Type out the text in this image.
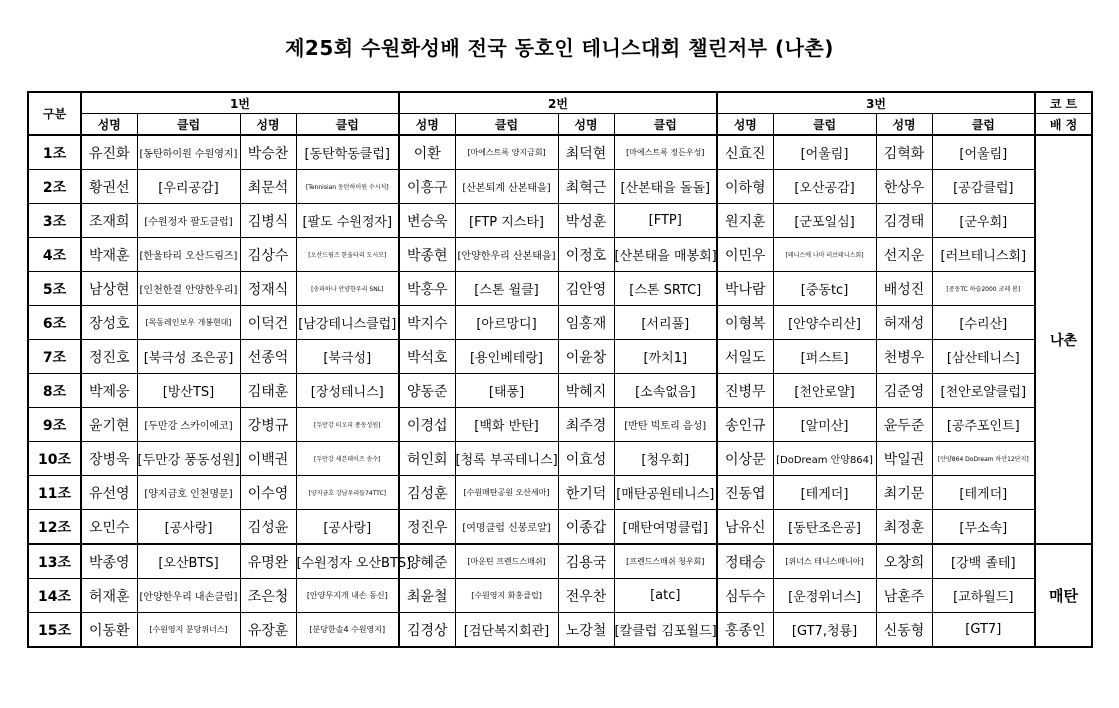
제25회 수원화성배 전국 동호인 테니스대회 챌린저부 (나촌)
구분	1번				2번				3번				코 트
	성명	클럽	성명	클럽	성명	클럽	성명	클럽	성명	클럽	성명	클럽	배 정
1조	유진화	[동탄하이원 수원영지]	박승찬	[동탄학동클럽]	이환	[마에스트록 양지금회]	최덕현	[마에스트록 정든우성]	신효진	[어울림]	김혁화	[어울림]	나촌
2조	황권선	[우리공감]	최문석	[Tennisian 동탄하이원 수시석]	이흥구	[산본퇴계 산본태을]	최혁근	[산본태을 돌돌]	이하형	[오산공감]	한상우	[공감클럽]	
3조	조재희	[수원정자 팔도클럽]	김병식	[팔도 수원정자]	변승욱	[FTP 지스타]	박성훈	[FTP]	원지훈	[군포일심]	김경태	[군우회]	
4조	박재훈	[한울타리 오산드림즈]	김상수	[오산드림즈 한울타리 도시모]	박종현	[안양한우리 산본태을]	이정호	[산본태을 매봉회]	이민우	[테니스에 나마 러브테니스회]	선지운	[러브테니스회]	
5조	남상현	[인천한결 안양한우리]	정재식	[송파하나 안양한우리 SNL]	박홍우	[스톤 윌클]	김안영	[스톤 SRTC]	박나람	[중동tc]	배성진	[중동TC 하슬2000 코레 봄]	
6조	장성호	[목동레인보우 개봉현대]	이덕건	[남강테니스클럽]	박지수	[아르망디]	임홍재	[서리풀]	이형복	[안양수리산]	허재성	[수리산]	
7조	정진호	[북극성 조은공]	선종억	[북극성]	박석호	[용인베테랑]	이윤창	[까치1]	서일도	[퍼스트]	천병우	[삼산테니스]	
8조	박제웅	[방산TS]	김태훈	[장성테니스]	양동준	[태풍]	박혜지	[소속없음]	진병무	[천안로얄]	김준영	[천안로얄클럽]	
9조	윤기현	[두만강 스카이에코]	강병규	[두만강 티오피 풍동성원]	이경섭	[백화 반탄]	최주경	[반탄 빅토리 음성]	송인규	[알미산]	윤두준	[공주포인트]	
10조	장병욱	[두만강 풍동성원]	이백권	[두만강 세븐데이즈 송수]	허인회	[청록 부곡테니스]	이효성	[청우회]	이상문	[DoDream 안양864]	박일권	[안양864 DoDream 하안12단지]	
11조	유선영	[양지금호 인천명문]	이수영	[양지금호 강남우리들74TTC]	김성훈	[수원매탄공원 오산세마]	한기덕	[매탄공원테니스]	진동엽	[테게더]	최기문	[테게더]	
12조	오민수	[공사랑]	김성윤	[공사랑]	정진우	[여명클럽 신봉로얄]	이종갑	[매탄여명클럽]	남유신	[동탄조은공]	최정훈	[무소속]	
13조	박종영	[오산BTS]	유명완	[수원정자 오산BTS]	양혜준	[마운틴 프렌드스매쉬]	김용국	[프렌드스매쉬 청우회]	정태승	[위너스 테니스매니아]	오창희	[강백 졸테]	매탄
14조	허재훈	[안양한우리 내손클럽]	조은청	[안양무지개 내손 동신]	최윤철	[수원영지 화홍클럽]	전우찬	[atc]	심두수	[운정위너스]	남훈주	[교하월드]	
15조	이동환	[수원영지 분당위너스]	유장훈	[분당한솔4 수원영지]	김경상	[검단복지회관]	노강철	[칼클럽 김포월드]	홍종인	[GT7,청룡]	신동형	[GT7]	
